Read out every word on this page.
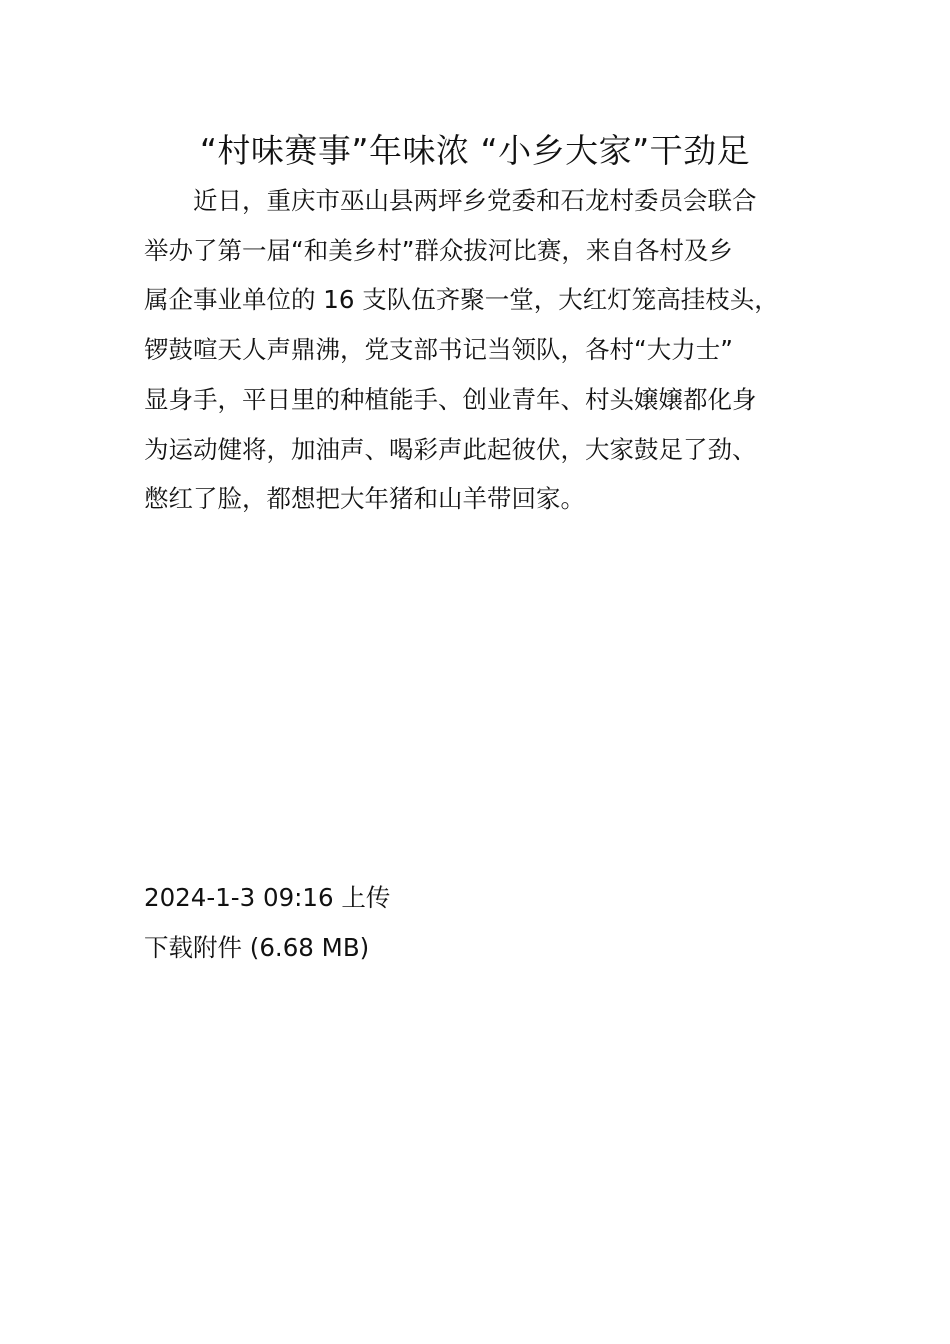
“村味赛事”年味浓 “小乡大家”干劲足
近日，重庆市巫山县两坪乡党委和石龙村委员会联合
举办了第一届“和美乡村”群众拔河比赛，来自各村及乡
属企事业单位的 16 支队伍齐聚一堂，大红灯笼高挂枝头，
锣鼓喧天人声鼎沸，党支部书记当领队，各村“大力士”
显身手，平日里的种植能手、创业青年、村头嬢嬢都化身
为运动健将，加油声、喝彩声此起彼伏，大家鼓足了劲、
憋红了脸，都想把大年猪和山羊带回家。
2024-1-3 09:16 上传
下载附件 (6.68 MB)
